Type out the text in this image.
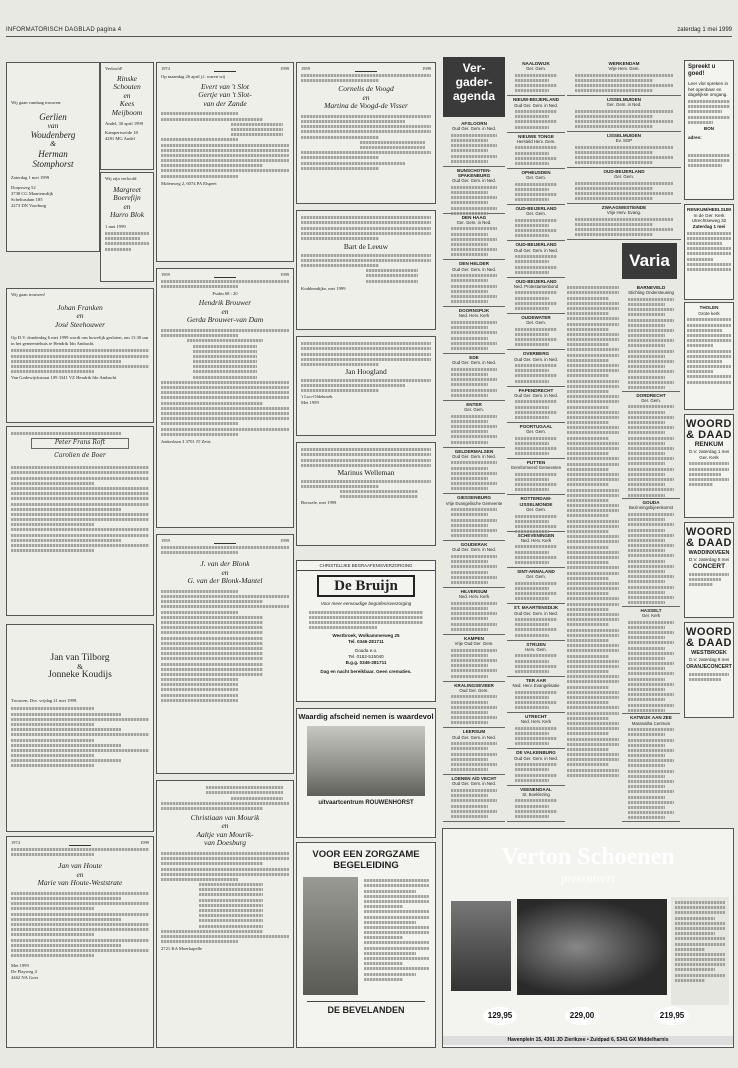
INFORMATORISCH DAGBLAD pagina 4	zaterdag 1 mei 1999
Wij gaan vandaag trouwen:
Gerlien
van
Woudenberg
&
Herman
Stomphorst
Zaterdag 1 mei 1999
Dorpsweg 52
3738 CG Maartensdijk
Scheltusdam 185
2273 DN Voorburg
Wij gaan trouwen!
Johan Franken
en
José Steehouwer
Op D.V. donderdag 6 mei 1999 wordt ons huwelijk gesloten, om 13.30 uur in het gemeentehuis te Hendrik Ido Ambacht.
Van Godewijckstraat 109 3341 VZ Hendrik Ido Ambacht
Peter Frans Roft
Carolien de Boer
Jan van Tilborg
&
Jonneke Koudijs
Trouwen, Dsv. vrijdag 21 mei 1999.
1974	1999
Jan van Houte
en
Marie van Houte-Weststrate
Mei 1999
De Playweg 4
4462 NA Goes
Verloofd!
Rinske
Schouten
en
Kees
Meijboom
Andel, 30 april 1999
Kampertweide 18
4281 MG Andel
Wij zijn verloofd
Margreet
Boerefijn
en
Harro Blok
1 mei 1999
1974	1999
Op maandag 26 april j.l. waren wij
Evert van 't Slot
Gertje van 't Slot-
van der Zande
Molenweg 2, 6074 PA Elspeet
1959	1999
Psalm 68 : 20
Hendrik Brouwer
en
Gerda Brouwer-van Dam
Jonkerlaan 3 3701 JT Zeist
1959	1999
J. van der Blonk
en
G. van der Blonk-Mantel
Christiaan van Mourik
en
Aaltje van Mourik-
van Doesburg
2721 KA Moerkapelle
1959	1999
Cornelis de Voogd
en
Martina de Voogd-de Visser
Bart de Leeuw
Krabbendijke, mei 1999
Jan Hoogland
't Loo-Oldebroek
Mei 1999
Marinus Welleman
Borssele, mei 1999
CHRISTELIJKE BEGRAAFENISVERZORGING
De Bruijn
Voor meer eenvoudige begrafenisverzorging
Westbroek, Wolkammerweg 25
Tel. 0346-281711
Gouda e.o.
Tel. 0182-515040
B.g.g. 0346-281711
Dag en nacht bereikbaar. Geen crematies.
Waardig afscheid nemen is waardevol
uitvaartcentrum ROUWENHORST
VOOR EEN ZORGZAME
BEGELEIDING
DE BEVELANDEN
Ver-
gader-
agenda
AFSLOORN
Oud Ger. Gem. in Ned.
BUNSCHOTEN-SPAKENBURG
Oud Ger. Gem. in Ned.
DEN HAAG
Ger. Gem. in Ned.
DEN HELDER
Oud Ger. Gem. in Ned.
DOORNSPIJK
Ned. Herv. Kerk
EDE
Oud Ger. Gem. in Ned.
ENTER
Ger. Gem.
GELDERMALSEN
Oud Ger. Gem. in Ned.
GIESSENBURG
Vrije Evangelische Gemeente
GOUDERAK
Oud Ger. Gem. in Ned.
HILVERSUM
Ned. Herv. Kerk
KAMPEN
Vrije Oud Ger. Gem.
KRALINGSEVEER
Oud Ger. Gem.
LEERSUM
Oud Ger. Gem. in Ned.
LOENEN A/D VECHT
Oud Ger. Gem. in Ned.
NAALDWIJK
Ger. Gem.
NIEUW-BEIJERLAND
Oud Ger. Gem. in Ned.
NIEUWE TONGE
Hersteld Herv. Gem.
OPHEUSDEN
Ger. Gem.
OUD-BEIJERLAND
Ger. Gem.
OUD-BEIJERLAND
Oud Ger. Gem. in Ned.
OUD-BEIJERLAND
Ned. Protestantenbond
OUDEWATER
Ger. Gem.
OVERBERG
Oud Ger. Gem. in Ned.
PAPENDRECHT
Oud Ger. Gem. in Ned.
POORTUGAAL
Ger. Gem.
PUTTEN
Gereformeerd Gemeenten
ROTTERDAM-IJSSELMONDE
Ger. Gem.
SCHEVENINGEN
Ned. Herv. Kerk
SINT-ANNALAND
Ger. Gem.
ST. MAARTENSDIJK
Oud Ger. Gem. in Ned.
STRIJEN
Herv. Gem.
TER AAR
Ned. Herv. Evangelisatie
UTRECHT
Ned. Herv. Kerk
DE VALKENBURG
Oud Ger. Gem. in Ned.
VEENENDAAL
St. Boeklezing
WERKENDAM
Vrije Herv. Gem.
IJSSELMUIDEN
Ger. Gem. in Ned.
IJSSELMUIDEN
Ev. SGP
OUD-BEIJERLAND
Ger. Gem.
ZWAAGWESTEINDE
Vrije Herv. Evang.
BARNEVELD
Stichting Ondersteuning
DORDRECHT
Ger. Gem.
GOUDA
Bezinningsbijeenkomst
HASSELT
Ger. Kerk
KATWIJK AAN ZEE
Maranatha Centrum
Varia
Spreekt u goed!
Leer vlot spreken in het openbaar en dagelijkse omgang.
BON
adres:
RENKUM/HEELSUM
In de Ger. Kerk
Utrechtseweg 32
Zaterdag 1 mei
THOLEN
Grote kerk
WOORD
& DAAD
RENKUM
D.V. zaterdag 1 mei
Ger. Kerk
WOORD
& DAAD
WADDINXVEEN
D.V. zaterdag 8 mei
CONCERT
WOORD
& DAAD
WESTBROEK
D.V. zaterdag 8 mei
ORANJECONCERT
Verton Schoenen
presenteert
129,95	229,00	219,95
Havenplein 15, 4301 JD Zierikzee • Zuidpad 6, 5341 GX Middelharnis
